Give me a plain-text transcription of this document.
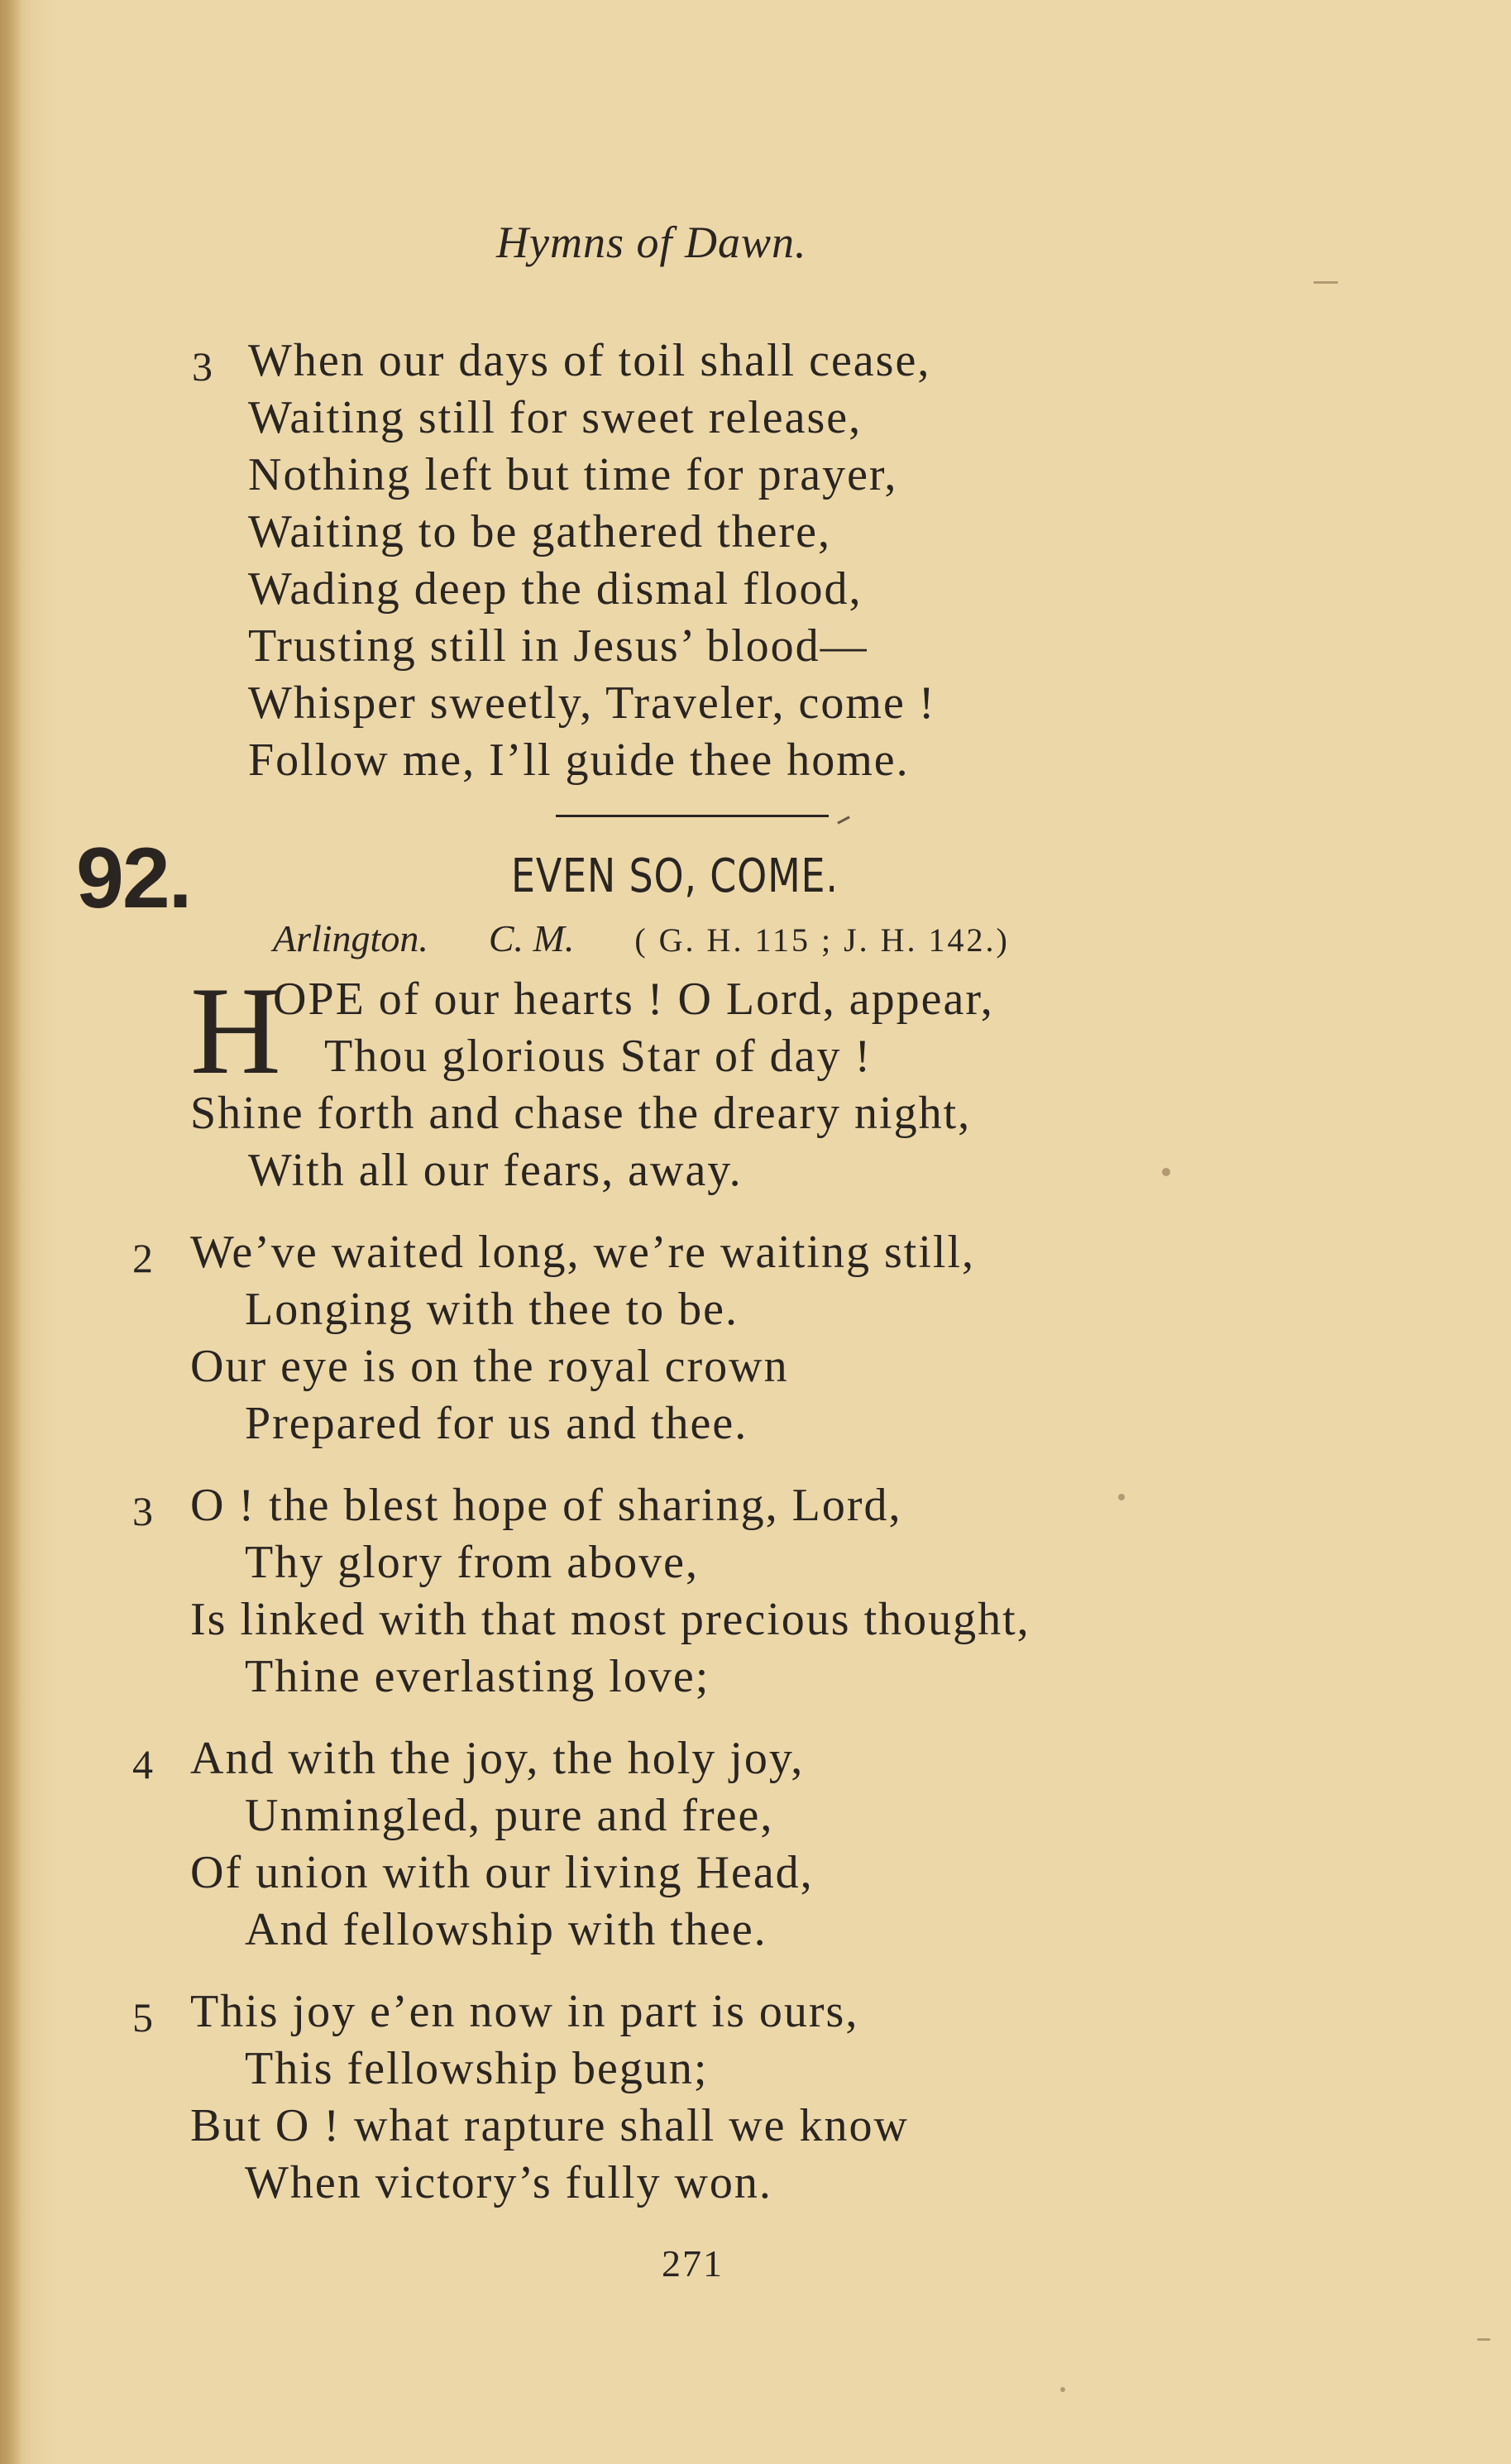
Hymns of Dawn.
3 When our days of toil shall cease,
Waiting still for sweet release,
Nothing left but time for prayer,
Waiting to be gathered there,
Wading deep the dismal flood,
Trusting still in Jesus’ blood—
Whisper sweetly, Traveler, come !
Follow me, I’ll guide thee home.
92.	EVEN SO, COME.
Arlington. C. M. ( G. H. 115 ; J. H. 142.)
H
OPE of our hearts ! O Lord, appear,
Thou glorious Star of day !
Shine forth and chase the dreary night,
With all our fears, away.
2 We’ve waited long, we’re waiting still,
Longing with thee to be.
Our eye is on the royal crown
Prepared for us and thee.
3 O ! the blest hope of sharing, Lord,
Thy glory from above,
Is linked with that most precious thought,
Thine everlasting love;
4 And with the joy, the holy joy,
Unmingled, pure and free,
Of union with our living Head,
And fellowship with thee.
5 This joy e’en now in part is ours,
This fellowship begun;
But O ! what rapture shall we know
When victory’s fully won.
271
